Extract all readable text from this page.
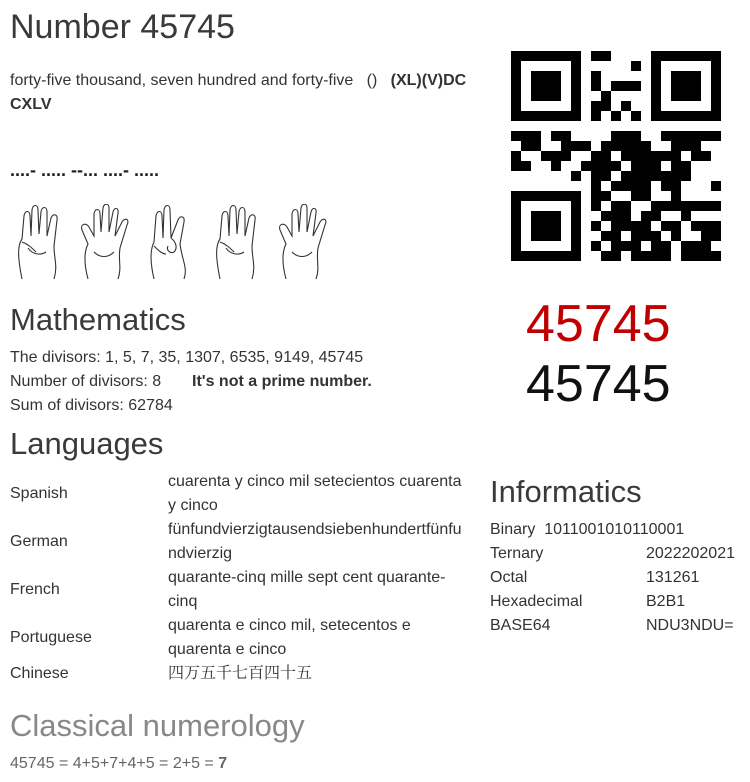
Number 45745
forty-five thousand, seven hundred and forty-five () (XL)(V)DC CXLV
....- ..... --... ....- .....
45745
45745
Mathematics
The divisors: 1, 5, 7, 35, 1307, 6535, 9149, 45745
Number of divisors: 8 It's not a prime number.
Sum of divisors: 62784
Languages
Spanish	cuarenta y cinco mil setecientos cuarenta
y cinco
German	fünfundvierzigtausendsiebenhundertfünfu
ndvierzig
French	quarante-cinq mille sept cent quarante-
cinq
Portuguese	quarenta e cinco mil, setecentos e
quarenta e cinco
Chinese	四万五千七百四十五
Informatics
Binary 1011001010110001
Ternary	2022202021
Octal	131261
Hexadecimal	B2B1
BASE64	NDU3NDU=
Classical numerology
45745 = 4+5+7+4+5 = 2+5 = 7
